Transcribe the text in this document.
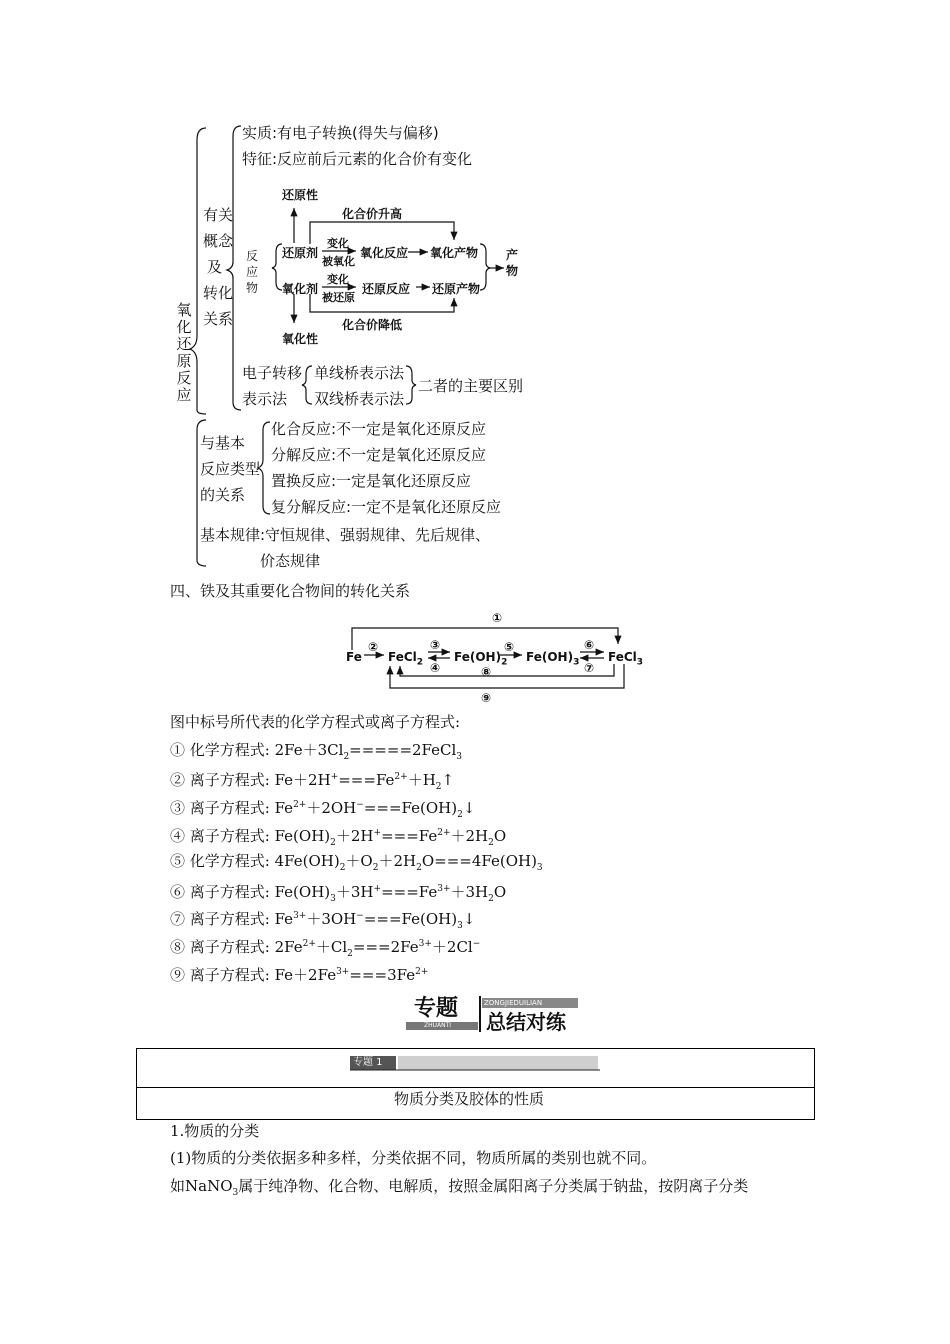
氧化还原反应
实质:有电子转换(得失与偏移)
特征:反应前后元素的化合价有变化
有关
概念
及
转化
关系
还原性
化合价升高
反
应
物
还原剂
变化
被氧化
氧化反应 氧化产物 产
物
氧化剂
变化
被还原
还原反应 还原产物
化合价降低
氧化性
电子转移
表示法
单线桥表示法
双线桥表示法
二者的主要区别
与基本
反应类型
的关系
化合反应:不一定是氧化还原反应
分解反应:不一定是氧化还原反应
置换反应:一定是氧化还原反应
复分解反应:一定不是氧化还原反应
基本规律:守恒规律、强弱规律、先后规律、
价态规律
四、铁及其重要化合物间的转化关系
①
Fe
②
FeCl$_2$
③
④
$Fe(OH)_2$
⑤
$Fe(OH)_3$
⑥
⑦
FeCl$_3$
⑧
⑨
图中标号所代表的化学方程式或离子方程式:
① 化学方程式: $2Fe+3Cl_2=====2FeCl_3$
② 离子方程式: $Fe+2H^+===Fe^{2+}+H_2↑$
③ 离子方程式: $Fe^{2+}+2OH^-===Fe(OH)_2↓$
④ 离子方程式: $Fe(OH)_2+2H^+===Fe^{2+}+2H_2O$
⑤ 化学方程式: $4Fe(OH)_2+O_2+2H_2O===4Fe(OH)_3$
⑥ 离子方程式: $Fe(OH)_3+3H^+===Fe^{3+}+3H_2O$
⑦ 离子方程式: $Fe^{3+}+3OH^-===Fe(OH)_3↓$
⑧ 离子方程式: $2Fe^{2+}+Cl_2===2Fe^{3+}+2Cl^-$
⑨ 离子方程式: $Fe+2Fe^{3+}===3Fe^{2+}$
专题	ZONGJIEDUILIAN
ZHUANTI 总结对练
专题 1
物质分类及胶体的性质
1.物质的分类
(1)物质的分类依据多种多样，分类依据不同，物质所属的类别也就不同。
如NaNO$_3$属于纯净物、化合物、电解质，按照金属阳离子分类属于钠盐，按阴离子分类
